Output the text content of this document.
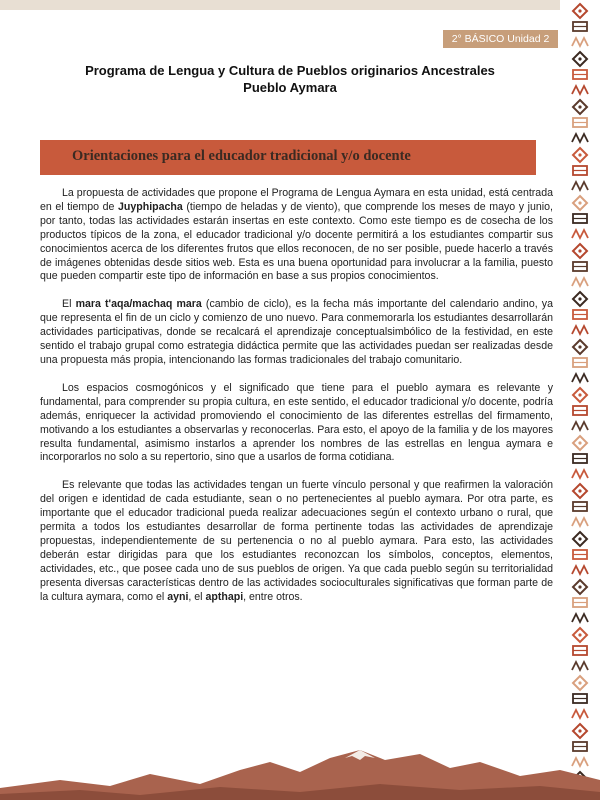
2° BÁSICO Unidad 2
Programa de Lengua y Cultura de Pueblos originarios Ancestrales
Pueblo Aymara
Orientaciones para el educador tradicional y/o docente

La propuesta de actividades que propone el Programa de Lengua Aymara en esta unidad, está centrada en el tiempo de Juyphipacha (tiempo de heladas y de viento), que comprende los meses de mayo y junio, por tanto, todas las actividades estarán insertas en este contexto. Como este tiempo es de cosecha de los productos típicos de la zona, el educador tradicional y/o docente permitirá a los estudiantes compartir sus conocimientos acerca de los diferentes frutos que ellos reconocen, de no ser posible, puede hacerlo a través de imágenes obtenidas desde sitios web. Esta es una buena oportunidad para involucrar a la familia, puesto que pueden compartir este tipo de información en base a sus propios conocimientos.

El mara t'aqa/machaq mara (cambio de ciclo), es la fecha más importante del calendario andino, ya que representa el fin de un ciclo y comienzo de uno nuevo. Para conmemorarla los estudiantes desarrollarán actividades participativas, donde se recalcará el aprendizaje conceptualsimbólico de la festividad, en este sentido el trabajo grupal como estrategia didáctica permite que las actividades puedan ser realizadas desde una propuesta más propia, intencionando las formas tradicionales del trabajo comunitario.

Los espacios cosmogónicos y el significado que tiene para el pueblo aymara es relevante y fundamental, para comprender su propia cultura, en este sentido, el educador tradicional y/o docente, podría además, enriquecer la actividad promoviendo el conocimiento de las diferentes estrellas del firmamento, motivando a los estudiantes a observarlas y reconocerlas. Para esto, el apoyo de la familia y de los mayores resulta fundamental, asimismo instarlos a aprender los nombres de las estrellas en lengua aymara e incorporarlos no solo a su repertorio, sino que a usarlos de forma cotidiana.

Es relevante que todas las actividades tengan un fuerte vínculo personal y que reafirmen la valoración del origen e identidad de cada estudiante, sean o no pertenecientes al pueblo aymara. Por otra parte, es importante que el educador tradicional pueda realizar adecuaciones según el contexto urbano o rural, que permita a todos los estudiantes desarrollar de forma pertinente todas las actividades de aprendizaje propuestas, independientemente de su pertenencia o no al pueblo aymara. Para esto, las actividades deberán estar dirigidas para que los estudiantes reconozcan los símbolos, conceptos, elementos, actividades, etc., que posee cada uno de sus pueblos de origen. Ya que cada pueblo según su territorialidad presenta diversas características dentro de las actividades socioculturales significativas que forman parte de la cultura aymara, como el ayni, el apthapi, entre otros.
